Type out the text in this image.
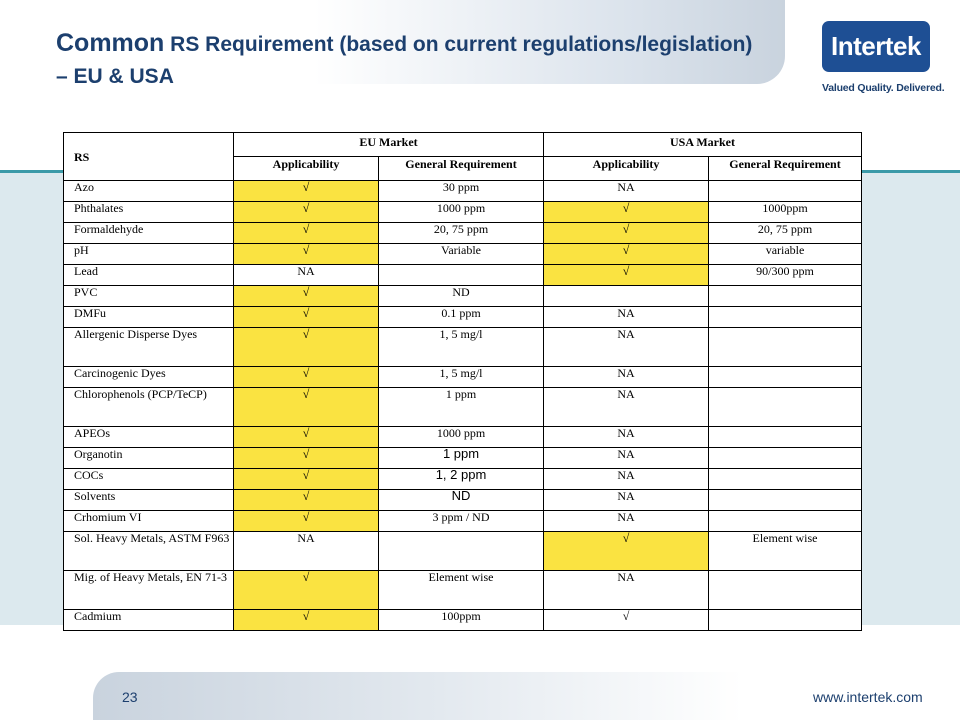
Common RS Requirement (based on current regulations/legislation) – EU & USA
Intertek
Valued Quality. Delivered.
23	www.intertek.com
RS	EU Market		USA Market	
	Applicability	General Requirement	Applicability	General Requirement
Azo	√	30 ppm	NA	
Phthalates	√	1000 ppm	√	1000ppm
Formaldehyde	√	20, 75 ppm	√	20, 75 ppm
pH	√	Variable	√	variable
Lead	NA		√	90/300 ppm
PVC	√	ND		
DMFu	√	0.1 ppm	NA	
Allergenic Disperse Dyes	√	1, 5 mg/l	NA	
Carcinogenic Dyes	√	1, 5 mg/l	NA	
Chlorophenols (PCP/TeCP)	√	1 ppm	NA	
APEOs	√	1000 ppm	NA	
Organotin	√	1 ppm	NA	
COCs	√	1, 2 ppm	NA	
Solvents	√	ND	NA	
Crhomium VI	√	3 ppm / ND	NA	
Sol. Heavy Metals, ASTM F963	NA		√	Element wise
Mig. of Heavy Metals, EN 71-3	√	Element wise	NA	
Cadmium	√	100ppm	√	
